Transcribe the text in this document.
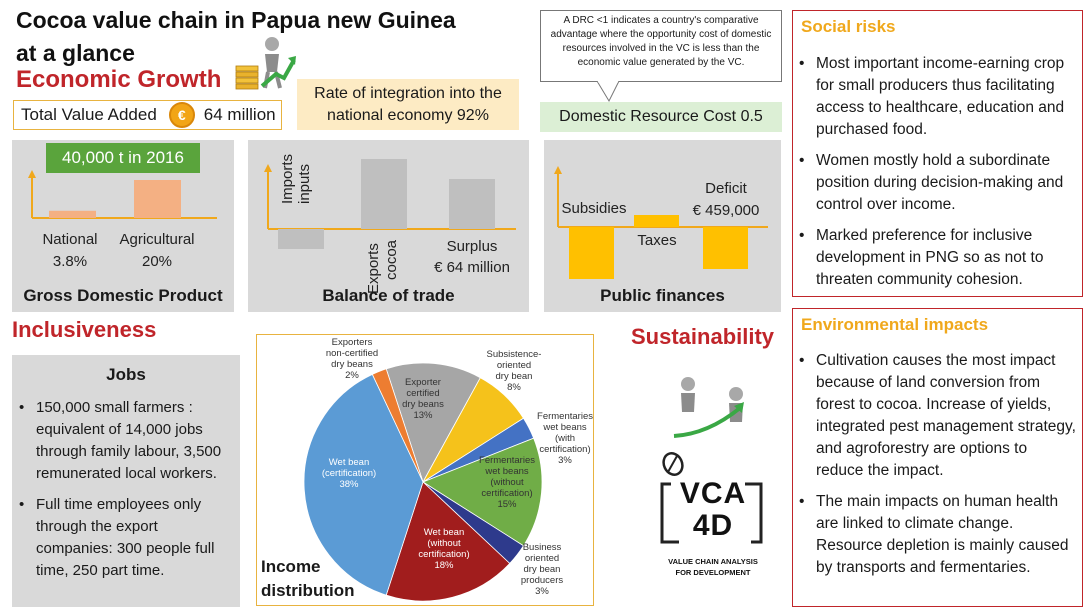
Cocoa value chain in Papua new Guinea
at a glance
Economic Growth
Total Value Added	€	64 million
Rate of integration into the national economy 92%
A DRC <1 indicates a country's comparative advantage where the opportunity cost of domestic resources involved in the VC is less than the economic value generated by the VC.
Domestic Resource Cost 0.5
40,000 t in 2016
National
3.8%
Agricultural
20%
Gross Domestic Product
Imports inputs
Exports cocoa	Surplus
€ 64 million
Balance of trade
Subsidies
Taxes
Deficit
€ 459,000
Public finances
Social risks
• Most important income-earning crop for small producers thus facilitating access to healthcare, education and purchased food.
• Women mostly hold a subordinate position during decision-making and control over income.
• Marked preference for inclusive development in PNG so as not to threaten community cohesion.
Environmental impacts
• Cultivation causes the most impact because of land conversion from forest to cocoa. Increase of yields, integrated pest management strategy, and agroforestry are options to reduce the impact.
• The main impacts on human health are linked to climate change. Resource depletion is mainly caused by transports and fermentaries.
Inclusiveness
Jobs
• 150,000 small farmers : equivalent of 14,000 jobs through family labour, 3,500 remunerated local workers.
• Full time employees only through the export companies: 300 people full time, 250 part time.
Exporter
certified
dry beans
13%
Subsistence-
oriented
dry bean
8%
Fermentaries
wet beans
(with
certification)
3%
Fermentaries
wet beans
(without
certification)
15%
Business
oriented
dry bean
producers
3%
Wet bean
(without
certification)
18%
Wet bean
(certification)
38%
Exporters
non-certified
dry beans
2%
Income
distribution
Sustainability
VCA
4D
VALUE CHAIN ANALYSIS
FOR DEVELOPMENT
